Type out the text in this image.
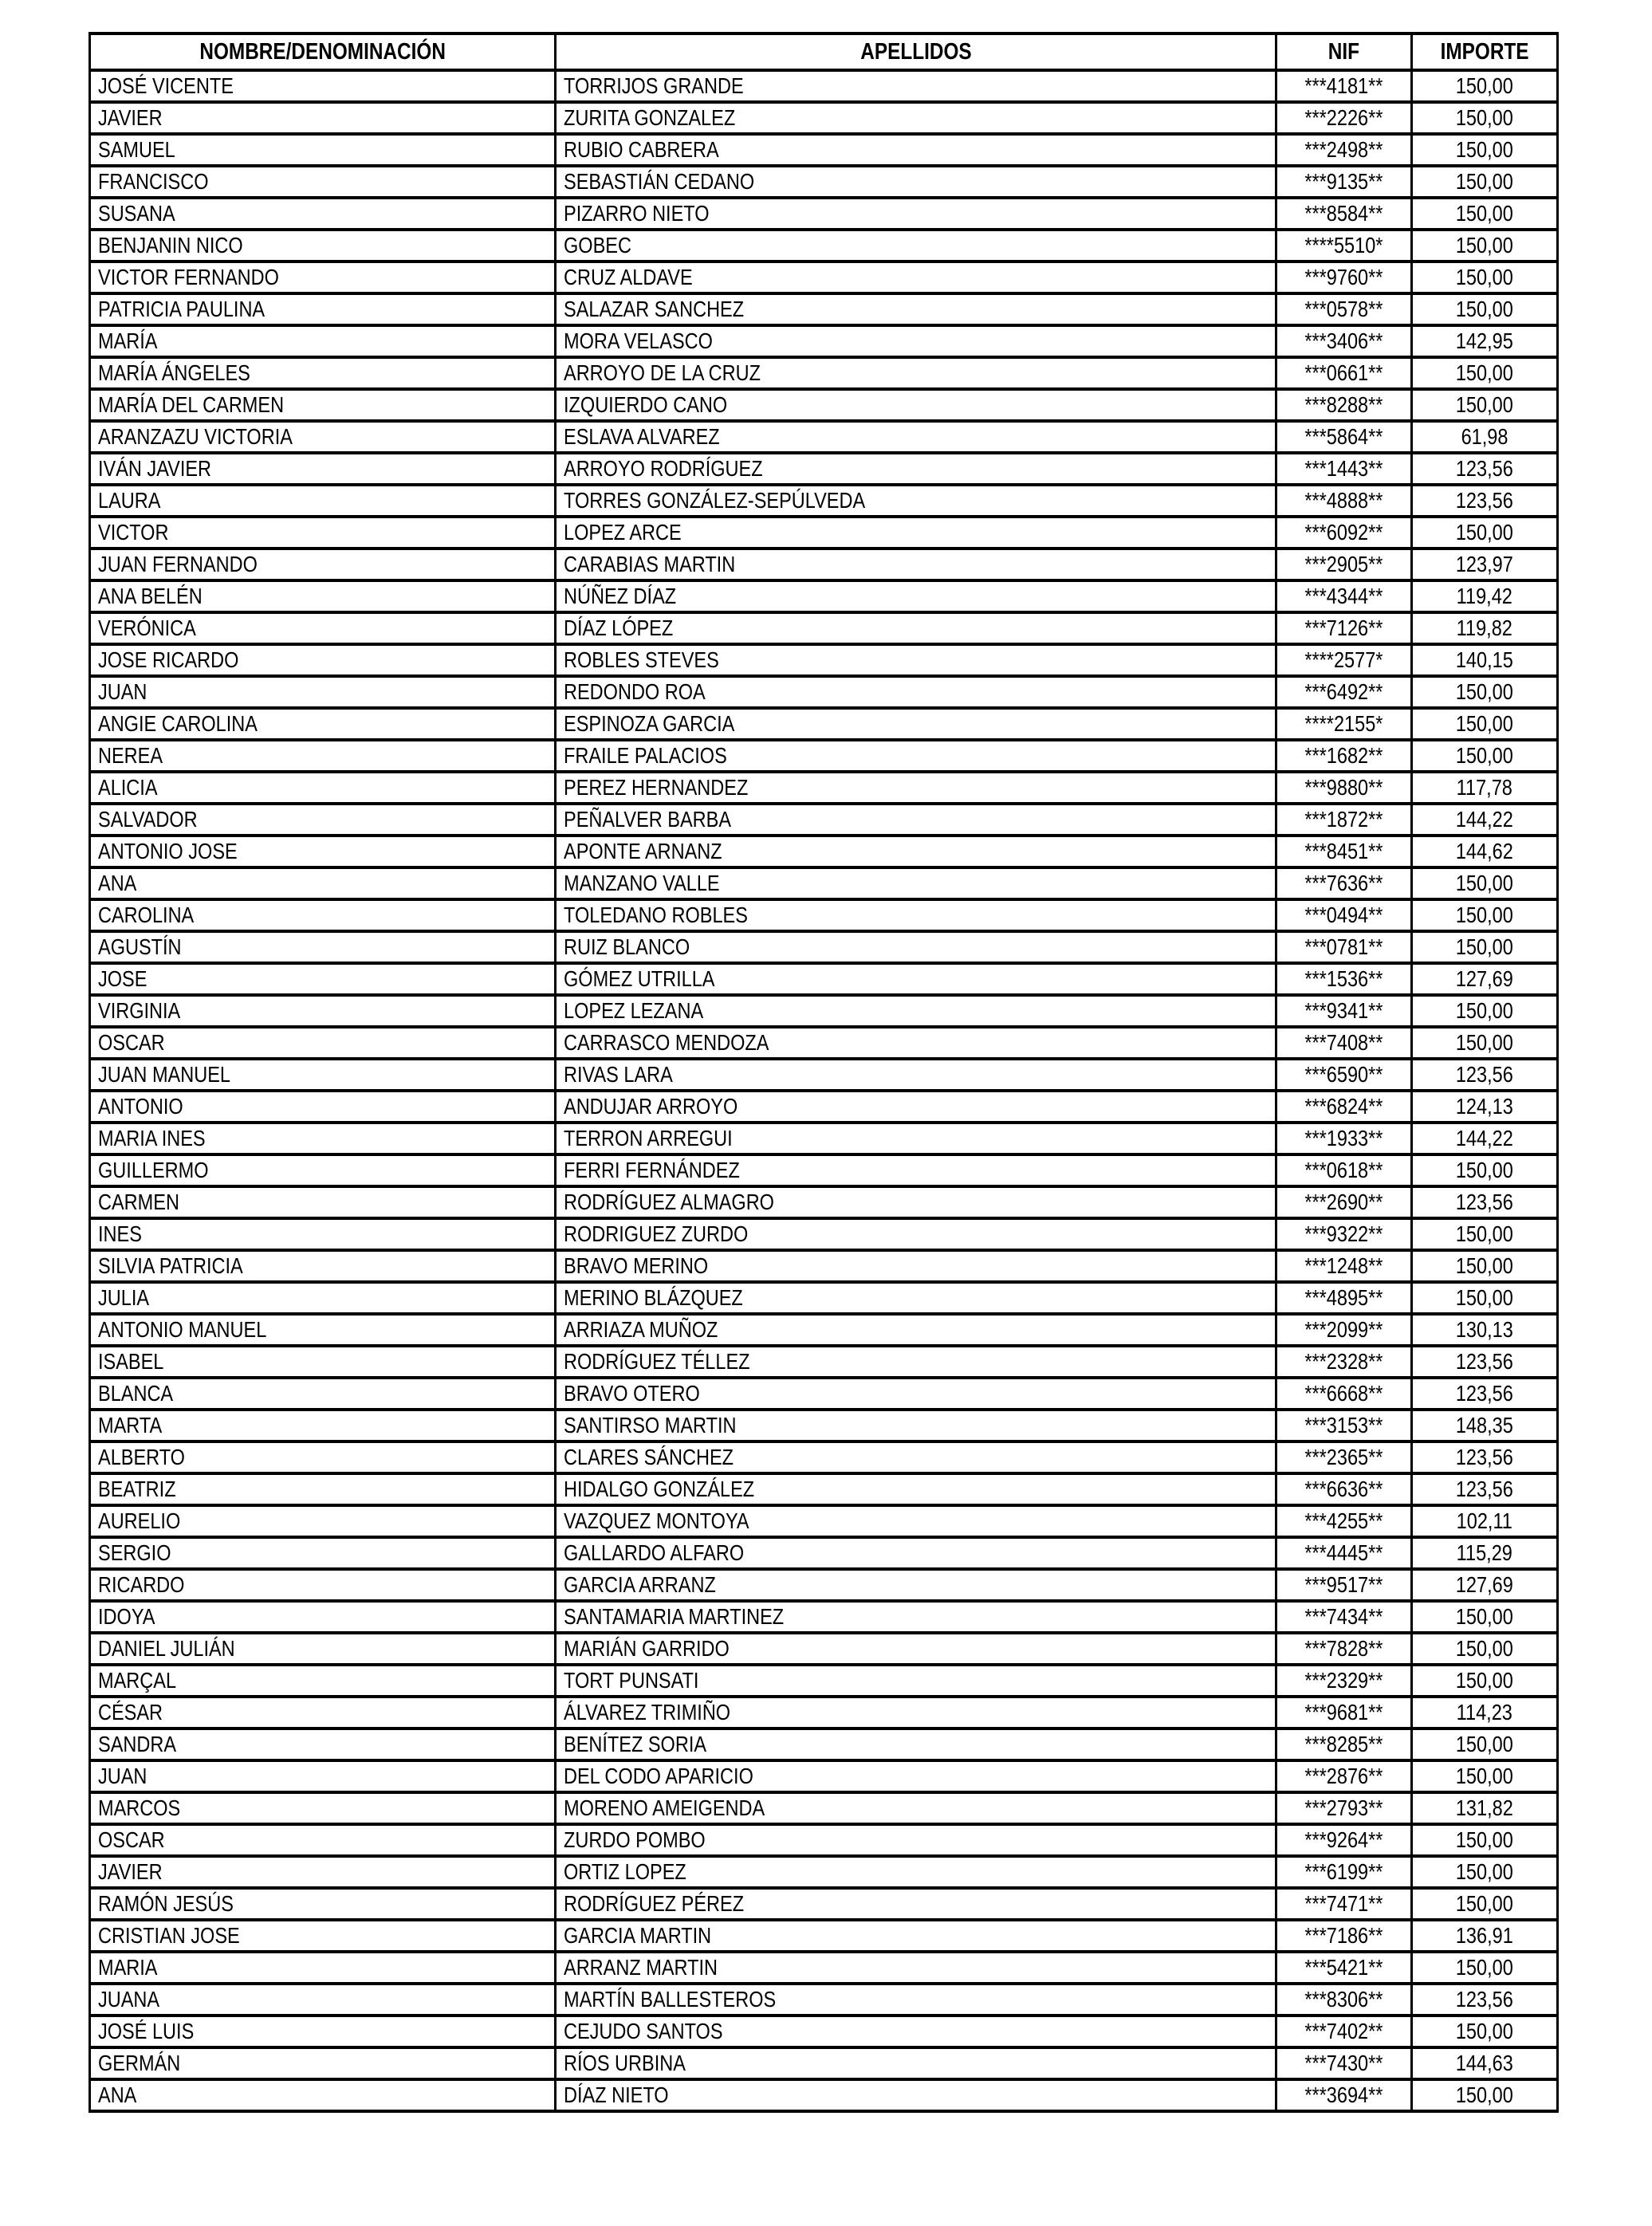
NOMBRE/DENOMINACIÓN	APELLIDOS	NIF	IMPORTE
JOSÉ VICENTE	TORRIJOS GRANDE	***4181**	150,00
JAVIER	ZURITA GONZALEZ	***2226**	150,00
SAMUEL	RUBIO CABRERA	***2498**	150,00
FRANCISCO	SEBASTIÁN CEDANO	***9135**	150,00
SUSANA	PIZARRO NIETO	***8584**	150,00
BENJANIN NICO	GOBEC	****5510*	150,00
VICTOR FERNANDO	CRUZ ALDAVE	***9760**	150,00
PATRICIA PAULINA	SALAZAR SANCHEZ	***0578**	150,00
MARÍA	MORA VELASCO	***3406**	142,95
MARÍA ÁNGELES	ARROYO DE LA CRUZ	***0661**	150,00
MARÍA DEL CARMEN	IZQUIERDO CANO	***8288**	150,00
ARANZAZU VICTORIA	ESLAVA ALVAREZ	***5864**	61,98
IVÁN JAVIER	ARROYO RODRÍGUEZ	***1443**	123,56
LAURA	TORRES GONZÁLEZ-SEPÚLVEDA	***4888**	123,56
VICTOR	LOPEZ ARCE	***6092**	150,00
JUAN FERNANDO	CARABIAS MARTIN	***2905**	123,97
ANA BELÉN	NÚÑEZ DÍAZ	***4344**	119,42
VERÓNICA	DÍAZ LÓPEZ	***7126**	119,82
JOSE RICARDO	ROBLES STEVES	****2577*	140,15
JUAN	REDONDO ROA	***6492**	150,00
ANGIE CAROLINA	ESPINOZA GARCIA	****2155*	150,00
NEREA	FRAILE PALACIOS	***1682**	150,00
ALICIA	PEREZ HERNANDEZ	***9880**	117,78
SALVADOR	PEÑALVER BARBA	***1872**	144,22
ANTONIO JOSE	APONTE ARNANZ	***8451**	144,62
ANA	MANZANO VALLE	***7636**	150,00
CAROLINA	TOLEDANO ROBLES	***0494**	150,00
AGUSTÍN	RUIZ BLANCO	***0781**	150,00
JOSE	GÓMEZ UTRILLA	***1536**	127,69
VIRGINIA	LOPEZ LEZANA	***9341**	150,00
OSCAR	CARRASCO MENDOZA	***7408**	150,00
JUAN MANUEL	RIVAS LARA	***6590**	123,56
ANTONIO	ANDUJAR ARROYO	***6824**	124,13
MARIA INES	TERRON ARREGUI	***1933**	144,22
GUILLERMO	FERRI FERNÁNDEZ	***0618**	150,00
CARMEN	RODRÍGUEZ ALMAGRO	***2690**	123,56
INES	RODRIGUEZ ZURDO	***9322**	150,00
SILVIA PATRICIA	BRAVO MERINO	***1248**	150,00
JULIA	MERINO BLÁZQUEZ	***4895**	150,00
ANTONIO MANUEL	ARRIAZA MUÑOZ	***2099**	130,13
ISABEL	RODRÍGUEZ TÉLLEZ	***2328**	123,56
BLANCA	BRAVO OTERO	***6668**	123,56
MARTA	SANTIRSO MARTIN	***3153**	148,35
ALBERTO	CLARES SÁNCHEZ	***2365**	123,56
BEATRIZ	HIDALGO GONZÁLEZ	***6636**	123,56
AURELIO	VAZQUEZ MONTOYA	***4255**	102,11
SERGIO	GALLARDO ALFARO	***4445**	115,29
RICARDO	GARCIA ARRANZ	***9517**	127,69
IDOYA	SANTAMARIA MARTINEZ	***7434**	150,00
DANIEL JULIÁN	MARIÁN GARRIDO	***7828**	150,00
MARÇAL	TORT PUNSATI	***2329**	150,00
CÉSAR	ÁLVAREZ TRIMIÑO	***9681**	114,23
SANDRA	BENÍTEZ SORIA	***8285**	150,00
JUAN	DEL CODO APARICIO	***2876**	150,00
MARCOS	MORENO AMEIGENDA	***2793**	131,82
OSCAR	ZURDO POMBO	***9264**	150,00
JAVIER	ORTIZ LOPEZ	***6199**	150,00
RAMÓN JESÚS	RODRÍGUEZ PÉREZ	***7471**	150,00
CRISTIAN JOSE	GARCIA MARTIN	***7186**	136,91
MARIA	ARRANZ MARTIN	***5421**	150,00
JUANA	MARTÍN BALLESTEROS	***8306**	123,56
JOSÉ LUIS	CEJUDO SANTOS	***7402**	150,00
GERMÁN	RÍOS URBINA	***7430**	144,63
ANA	DÍAZ NIETO	***3694**	150,00
